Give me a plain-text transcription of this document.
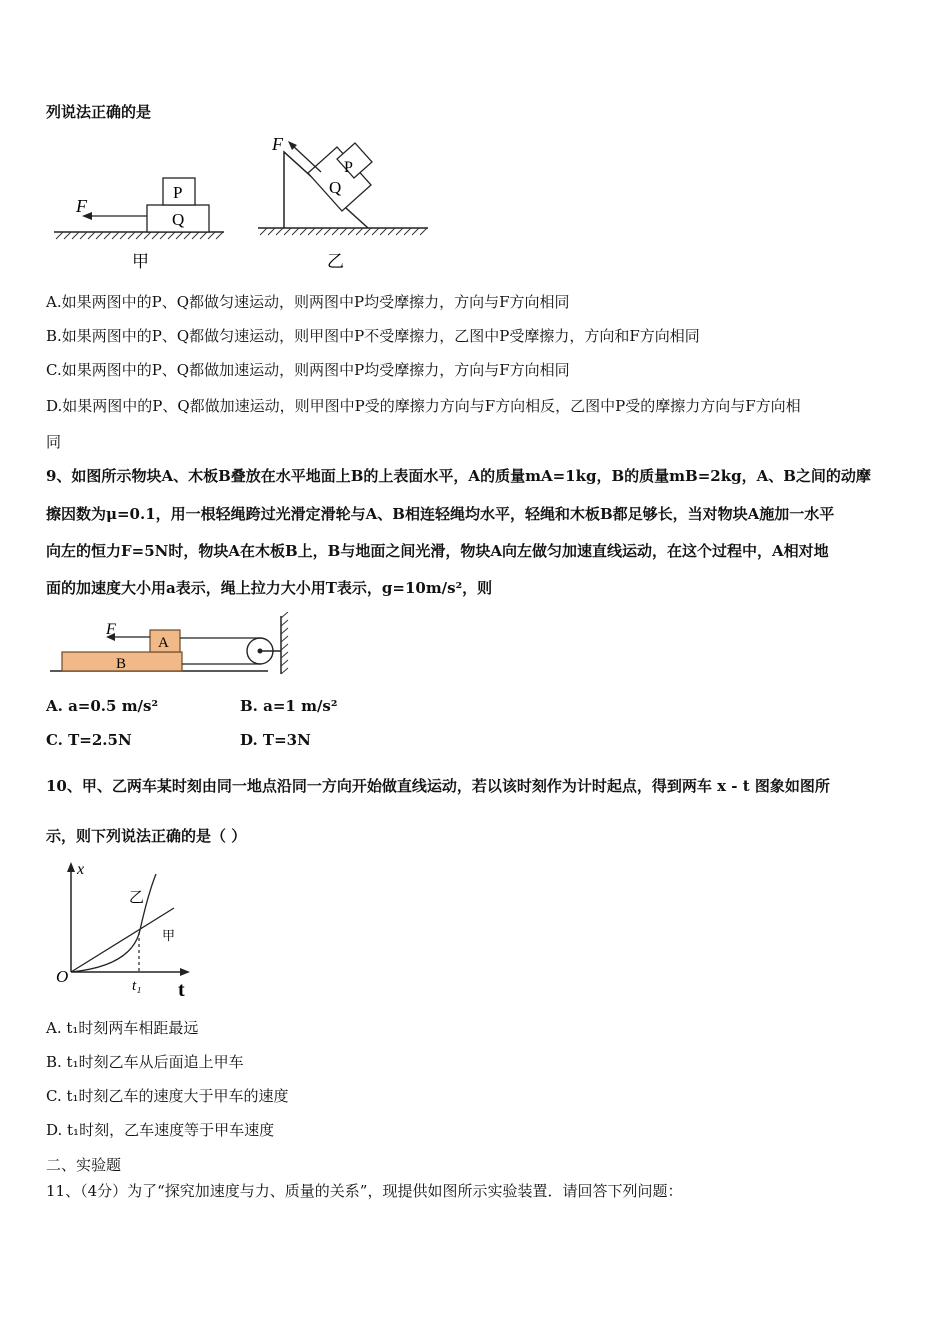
列说法正确的是
P
Q
F
甲
P
Q
F
乙
A.如果两图中的P、Q都做匀速运动，则两图中P均受摩擦力，方向与F方向相同
B.如果两图中的P、Q都做匀速运动，则甲图中P不受摩擦力，乙图中P受摩擦力，方向和F方向相同
C.如果两图中的P、Q都做加速运动，则两图中P均受摩擦力，方向与F方向相同
D.如果两图中的P、Q都做加速运动，则甲图中P受的摩擦力方向与F方向相反，乙图中P受的摩擦力方向与F方向相
同
9、如图所示物块A、木板B叠放在水平地面上B的上表面水平，A的质量mA=1kg，B的质量mB=2kg，A、B之间的动摩
擦因数为μ=0.1，用一根轻绳跨过光滑定滑轮与A、B相连轻绳均水平，轻绳和木板B都足够长，当对物块A施加一水平
向左的恒力F=5N时，物块A在木板B上，B与地面之间光滑，物块A向左做匀加速直线运动，在这个过程中，A相对地
面的加速度大小用a表示，绳上拉力大小用T表示，g=10m/s²，则
B
A
F
A. a=0.5 m/s²	B. a=1 m/s²
C. T=2.5N	D. T=3N
10、甲、乙两车某时刻由同一地点沿同一方向开始做直线运动，若以该时刻作为计时起点，得到两车 x - t 图象如图所
示，则下列说法正确的是（ ）
x
t
O	t₁
乙
甲
A. t₁时刻两车相距最远
B. t₁时刻乙车从后面追上甲车
C. t₁时刻乙车的速度大于甲车的速度
D. t₁时刻，乙车速度等于甲车速度
二、实验题
11、（4分）为了“探究加速度与力、质量的关系”，现提供如图所示实验装置．请回答下列问题：
